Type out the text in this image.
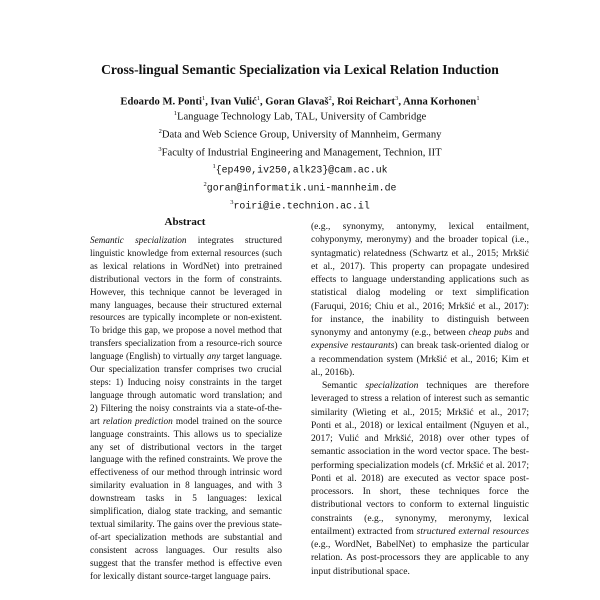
Cross-lingual Semantic Specialization via Lexical Relation Induction
Edoardo M. Ponti$^1$, Ivan Vulić$^1$, Goran Glavaš$^2$, Roi Reichart$^3$, Anna Korhonen$^1$
$^1$Language Technology Lab, TAL, University of Cambridge
$^2$Data and Web Science Group, University of Mannheim, Germany
$^3$Faculty of Industrial Engineering and Management, Technion, IIT
$^1${ep490,iv250,alk23}@cam.ac.uk
$^2$goran@informatik.uni-mannheim.de
$^3$roiri@ie.technion.ac.il
Abstract

Semantic specialization integrates structured linguistic knowledge from external resources (such as lexical relations in WordNet) into pretrained distributional vectors in the form of constraints. However, this technique cannot be leveraged in many languages, because their structured external resources are typically incomplete or non-existent. To bridge this gap, we propose a novel method that transfers specialization from a resource-rich source language (English) to virtually any target language. Our specialization transfer comprises two crucial steps: 1) Inducing noisy constraints in the target language through automatic word translation; and 2) Filtering the noisy constraints via a state-of-the-art relation prediction model trained on the source language constraints. This allows us to specialize any set of distributional vectors in the target language with the refined constraints. We prove the effectiveness of our method through intrinsic word similarity evaluation in 8 languages, and with 3 downstream tasks in 5 languages: lexical simplification, dialog state tracking, and semantic textual similarity. The gains over the previous state-of-art specialization methods are substantial and consistent across languages. Our results also suggest that the transfer method is effective even for lexically distant source-target language pairs.

(e.g., synonymy, antonymy, lexical entailment, cohyponymy, meronymy) and the broader topical (i.e., syntagmatic) relatedness (Schwartz et al., 2015; Mrkšić et al., 2017). This property can propagate undesired effects to language understanding applications such as statistical dialog modeling or text simplification (Faruqui, 2016; Chiu et al., 2016; Mrkšić et al., 2017): for instance, the inability to distinguish between synonymy and antonymy (e.g., between cheap pubs and expensive restaurants) can break task-oriented dialog or a recommendation system (Mrkšić et al., 2016; Kim et al., 2016b).

Semantic specialization techniques are therefore leveraged to stress a relation of interest such as semantic similarity (Wieting et al., 2015; Mrkšić et al., 2017; Ponti et al., 2018) or lexical entailment (Nguyen et al., 2017; Vulić and Mrkšić, 2018) over other types of semantic association in the word vector space. The best-performing specialization models (cf. Mrkšić et al. 2017; Ponti et al. 2018) are executed as vector space post-processors. In short, these techniques force the distributional vectors to conform to external linguistic constraints (e.g., synonymy, meronymy, lexical entailment) extracted from structured external resources (e.g., WordNet, BabelNet) to emphasize the particular relation. As post-processors they are applicable to any input distributional space.
